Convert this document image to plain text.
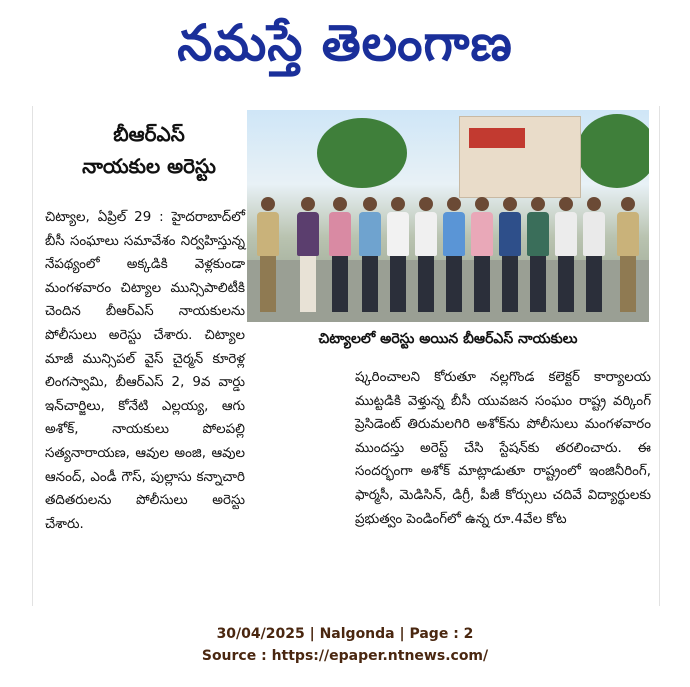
నమస్తే తెలంగాణ
బీఆర్‌ఎస్
నాయకుల అరెస్టు
చిట్యాలలో అరెస్టు అయిన బీఆర్‌ఎస్ నాయకులు

చిట్యాల, ఏప్రిల్ 29 : హైదరాబాద్‌లో బీసీ సంఘాలు సమావేశం నిర్వహిస్తున్న నేపథ్యంలో అక్కడికి వెళ్లకుండా మంగళవారం చిట్యాల మున్సిపాలిటీకి చెందిన బీఆర్‌ఎస్ నాయకులను పోలీసులు అరెస్టు చేశారు. చిట్యాల మాజీ మున్సిపల్ వైస్ చైర్మన్ కూరెళ్ల లింగస్వామి, బీఆర్‌ఎస్ 2, 9వ వార్డు ఇన్‌చార్జిలు, కోనేటి ఎల్లయ్య, ఆగు అశోక్, నాయకులు పోలపల్లి సత్యనారాయణ, ఆవుల అంజి, ఆవుల ఆనంద్, ఎండీ గౌస్, పుల్లాసు కన్నాచారి తదితరులను పోలీసులు అరెస్టు చేశారు.

ష్కరించాలని కోరుతూ నల్లగొండ కలెక్టర్ కార్యాలయ ముట్టడికి వెళ్తున్న బీసీ యువజన సంఘం రాష్ట్ర వర్కింగ్ ప్రెసిడెంట్ తిరుమలగిరి అశోక్‌ను పోలీసులు మంగళవారం ముందస్తు అరెస్ట్ చేసి స్టేషన్‌కు తరలించారు. ఈ సందర్భంగా అశోక్ మాట్లాడుతూ రాష్ట్రంలో ఇంజినీరింగ్, ఫార్మసీ, మెడిసిన్, డిగ్రీ, పీజీ కోర్సులు చదివే విద్యార్థులకు ప్రభుత్వం పెండింగ్‌లో ఉన్న రూ.4వేల కోట

30/04/2025 | Nalgonda | Page : 2
Source : https://epaper.ntnews.com/
